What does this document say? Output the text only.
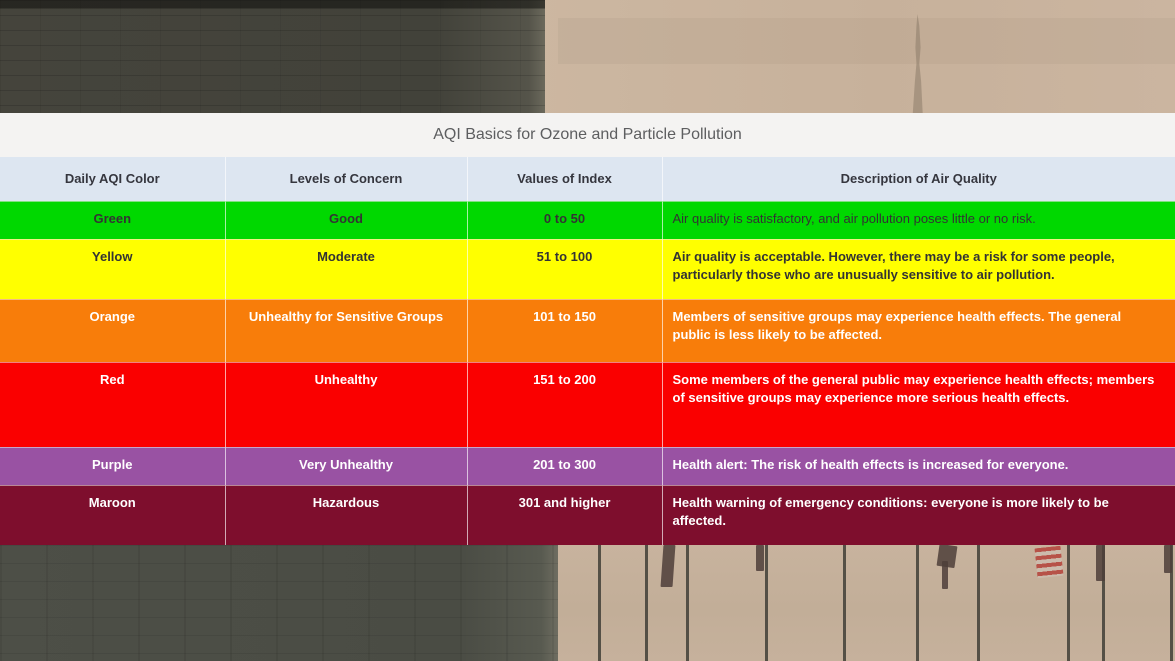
AQI Basics for Ozone and Particle Pollution
Daily AQI Color	Levels of Concern	Values of Index	Description of Air Quality
Green	Good	0 to 50	Air quality is satisfactory, and air pollution poses little or no risk.
Yellow	Moderate	51 to 100	Air quality is acceptable. However, there may be a risk for some people, particularly those who are unusually sensitive to air pollution.
Orange	Unhealthy for Sensitive Groups	101 to 150	Members of sensitive groups may experience health effects. The general public is less likely to be affected.
Red	Unhealthy	151 to 200	Some members of the general public may experience health effects; members of sensitive groups may experience more serious health effects.
Purple	Very Unhealthy	201 to 300	Health alert: The risk of health effects is increased for everyone.
Maroon	Hazardous	301 and higher	Health warning of emergency conditions: everyone is more likely to be affected.
